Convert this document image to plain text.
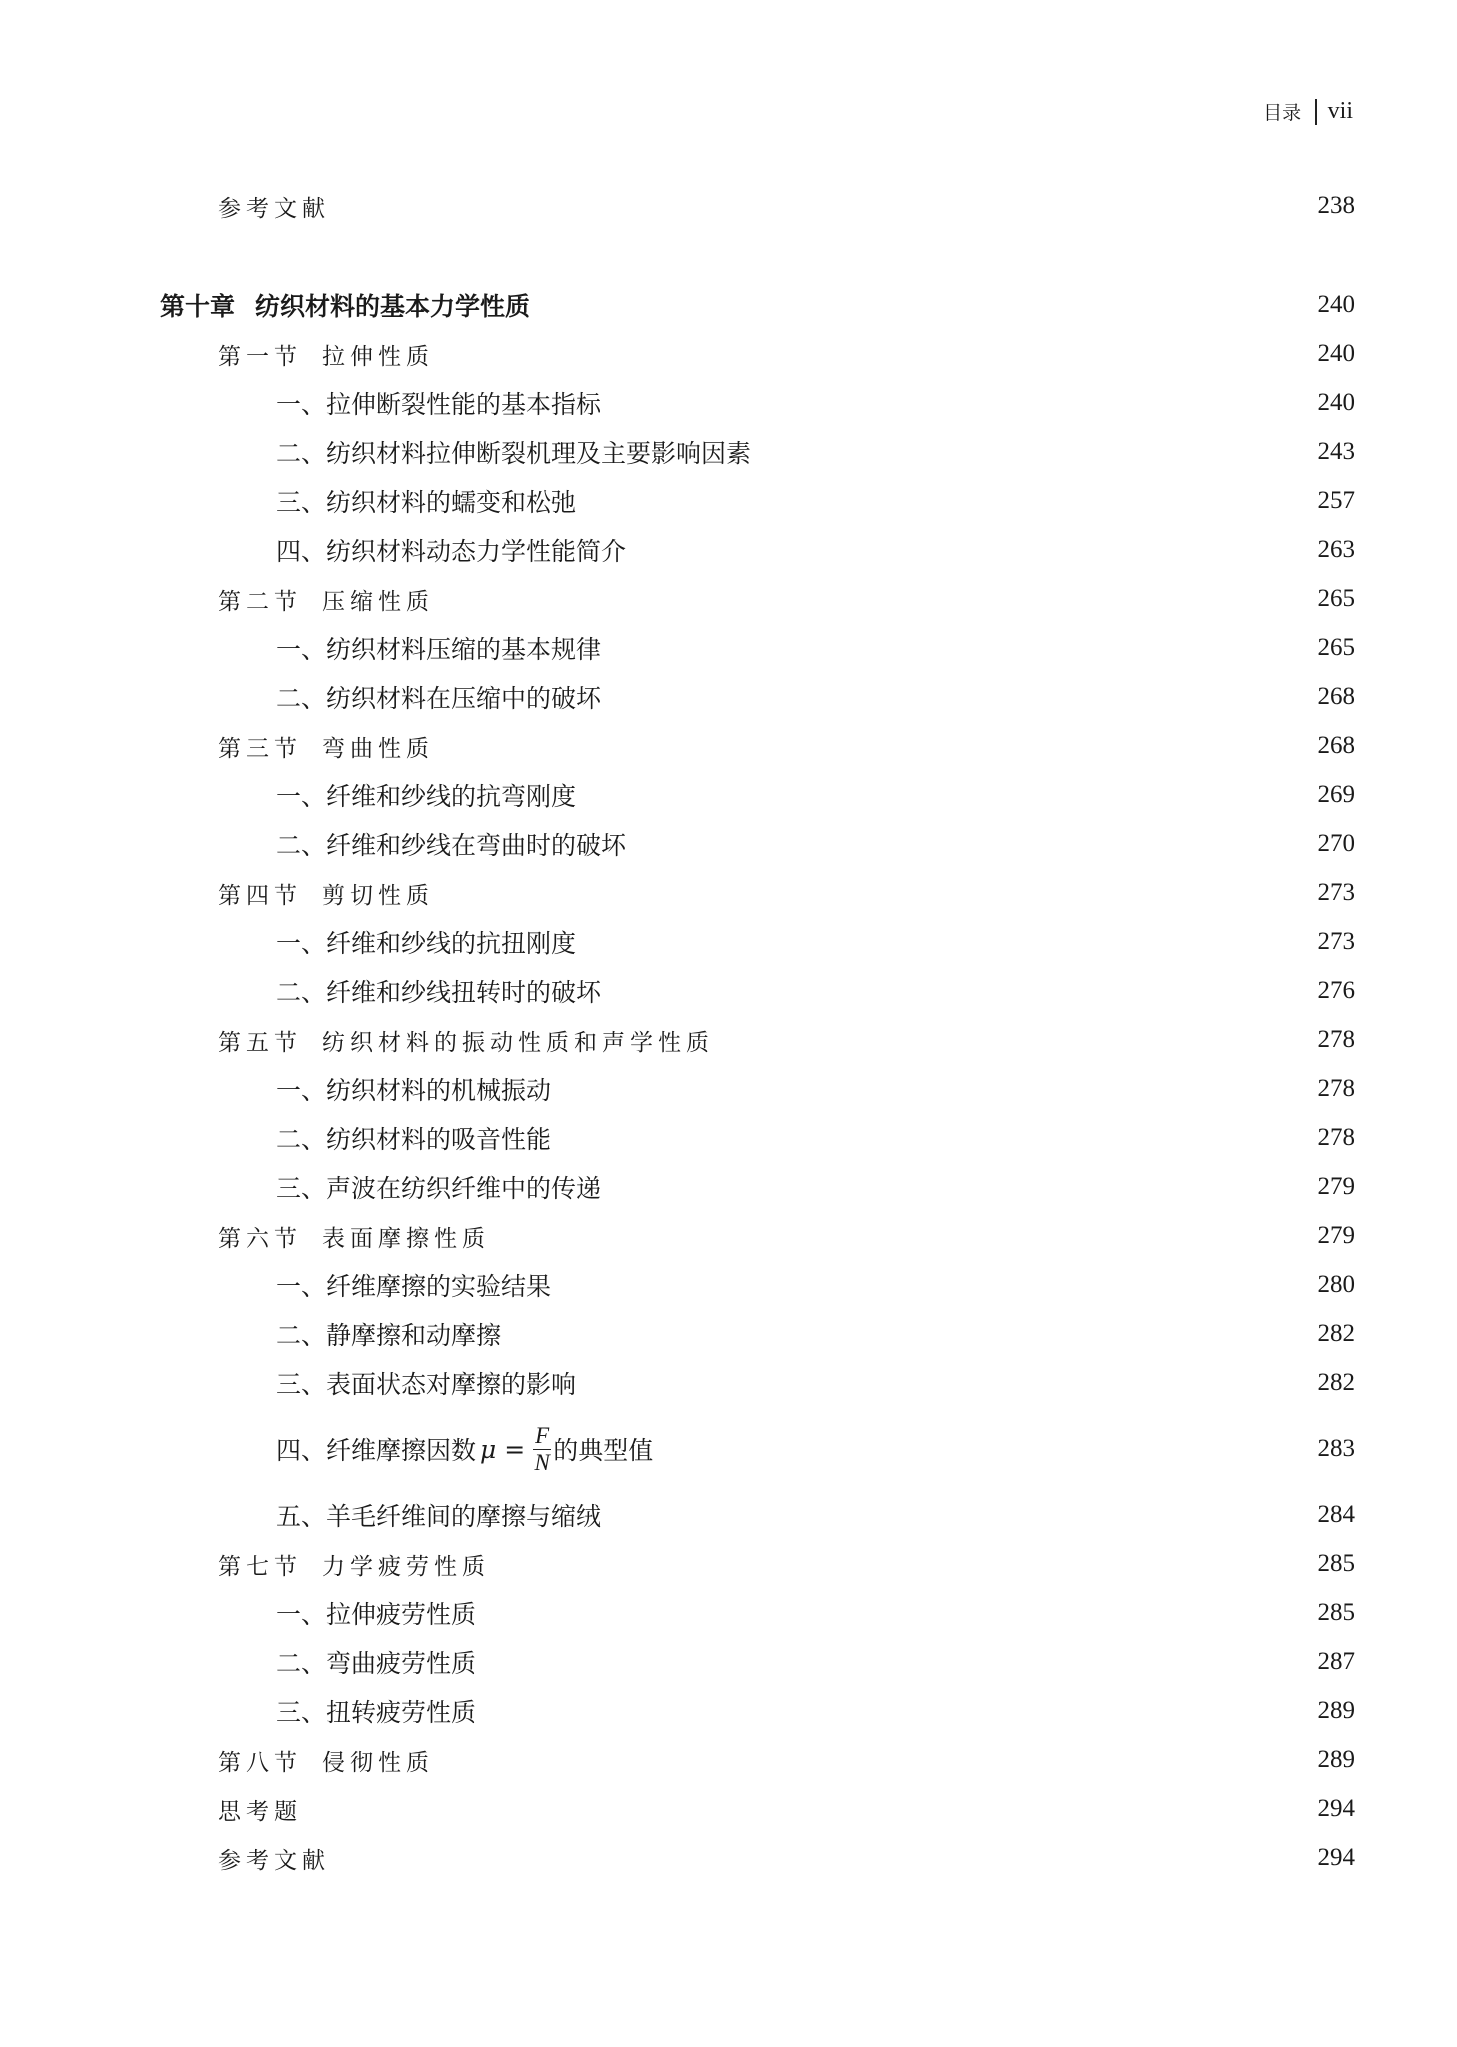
目录 vii
参考文献	238
第十章 纺织材料的基本力学性质	240
第一节 拉伸性质	240
一、拉伸断裂性能的基本指标	240
二、纺织材料拉伸断裂机理及主要影响因素	243
三、纺织材料的蠕变和松弛	257
四、纺织材料动态力学性能简介	263
第二节 压缩性质	265
一、纺织材料压缩的基本规律	265
二、纺织材料在压缩中的破坏	268
第三节 弯曲性质	268
一、纤维和纱线的抗弯刚度	269
二、纤维和纱线在弯曲时的破坏	270
第四节 剪切性质	273
一、纤维和纱线的抗扭刚度	273
二、纤维和纱线扭转时的破坏	276
第五节 纺织材料的振动性质和声学性质	278
一、纺织材料的机械振动	278
二、纺织材料的吸音性能	278
三、声波在纺织纤维中的传递	279
第六节 表面摩擦性质	279
一、纤维摩擦的实验结果	280
二、静摩擦和动摩擦	282
三、表面状态对摩擦的影响	282
四、纤维摩擦因数 $\mu = \frac{F}{N}$ 的典型值	283
五、羊毛纤维间的摩擦与缩绒	284
第七节 力学疲劳性质	285
一、拉伸疲劳性质	285
二、弯曲疲劳性质	287
三、扭转疲劳性质	289
第八节 侵彻性质	289
思考题	294
参考文献	294
